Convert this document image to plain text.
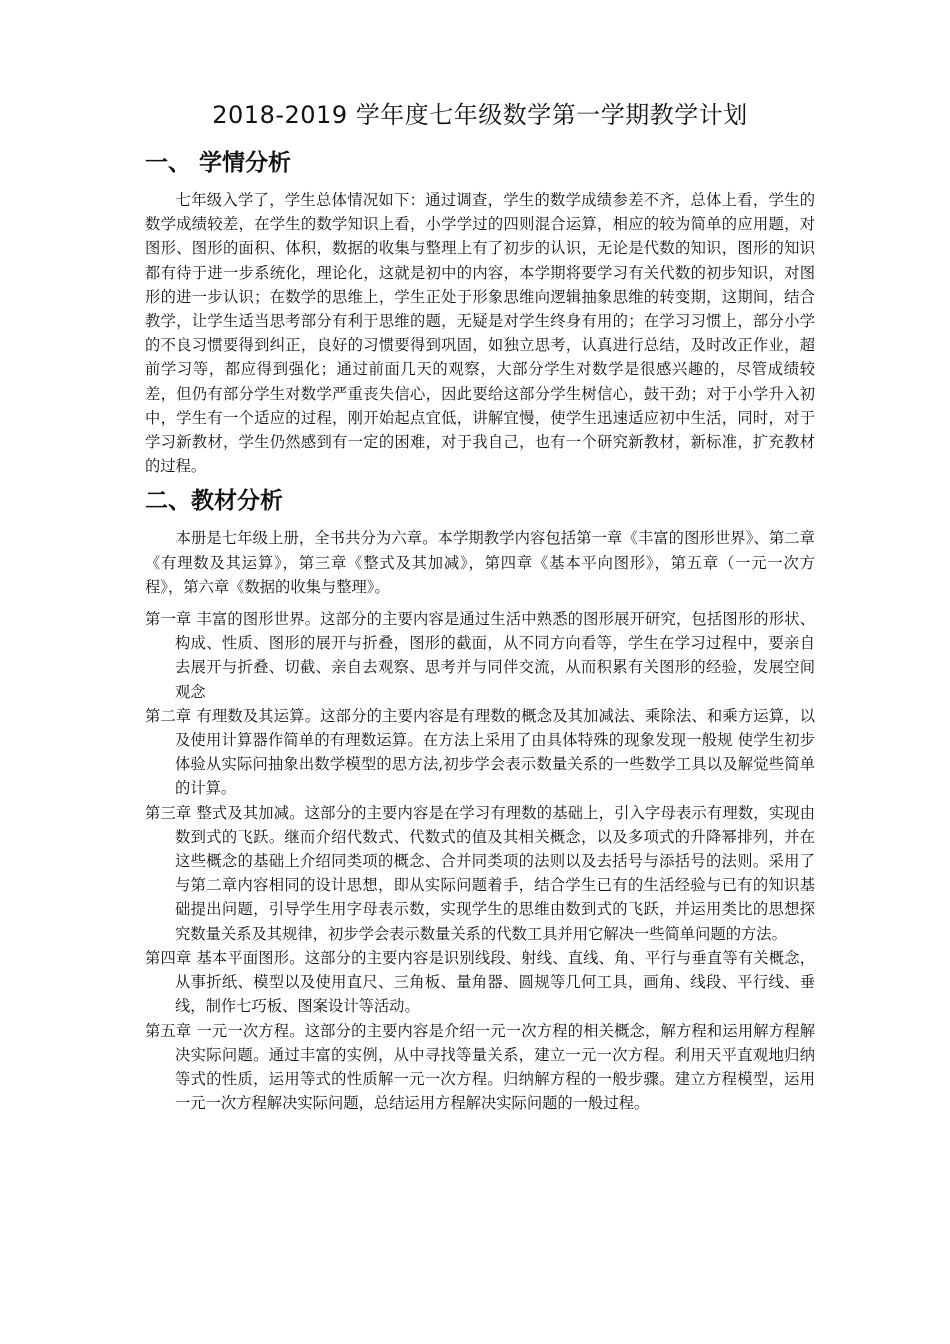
2018-2019 学年度七年级数学第一学期教学计划
一、 学情分析

七年级入学了，学生总体情况如下：通过调查，学生的数学成绩参差不齐，总体上看，学生的数学成绩较差，在学生的数学知识上看，小学学过的四则混合运算，相应的较为简单的应用题，对图形、图形的面积、体积，数据的收集与整理上有了初步的认识，无论是代数的知识，图形的知识都有待于进一步系统化，理论化，这就是初中的内容，本学期将要学习有关代数的初步知识，对图形的进一步认识；在数学的思维上，学生正处于形象思维向逻辑抽象思维的转变期，这期间，结合教学，让学生适当思考部分有利于思维的题，无疑是对学生终身有用的；在学习习惯上，部分小学的不良习惯要得到纠正，良好的习惯要得到巩固，如独立思考，认真进行总结，及时改正作业，超前学习等，都应得到强化；通过前面几天的观察，大部分学生对数学是很感兴趣的，尽管成绩较差，但仍有部分学生对数学严重丧失信心，因此要给这部分学生树信心，鼓干劲；对于小学升入初中，学生有一个适应的过程，刚开始起点宜低，讲解宜慢，使学生迅速适应初中生活，同时，对于学习新教材，学生仍然感到有一定的困难，对于我自己，也有一个研究新教材，新标准，扩充教材的过程。

二、教材分析

本册是七年级上册，全书共分为六章。本学期教学内容包括第一章《丰富的图形世界》、第二章《有理数及其运算》，第三章《整式及其加减》，第四章《基本平向图形》，第五章（一元一次方程》，第六章《数据的收集与整理》。

第一章 丰富的图形世界。这部分的主要内容是通过生活中熟悉的图形展开研究，包括图形的形状、构成、性质、图形的展开与折叠，图形的截面，从不同方向看等，学生在学习过程中，要亲自去展开与折叠、切截、亲自去观察、思考并与同伴交流，从而积累有关图形的经验，发展空间观念
第二章 有理数及其运算。这部分的主要内容是有理数的概念及其加减法、乘除法、和乘方运算，以及使用计算器作简单的有理数运算。在方法上采用了由具体特殊的现象发现一般规 使学生初步体验从实际问抽象出数学模型的思方法,初步学会表示数量关系的一些数学工具以及解觉些简单的计算。
第三章 整式及其加减。这部分的主要内容是在学习有理数的基础上，引入字母表示有理数，实现由数到式的飞跃。继而介绍代数式、代数式的值及其相关概念，以及多项式的升降幂排列，并在这些概念的基础上介绍同类项的概念、合并同类项的法则以及去括号与添括号的法则。采用了与第二章内容相同的设计思想，即从实际问题着手，结合学生已有的生活经验与已有的知识基础提出问题，引导学生用字母表示数，实现学生的思维由数到式的飞跃，并运用类比的思想探究数量关系及其规律，初步学会表示数量关系的代数工具并用它解决一些简单问题的方法。
第四章 基本平面图形。这部分的主要内容是识别线段、射线、直线、角、平行与垂直等有关概念，从事折纸、模型以及使用直尺、三角板、量角器、圆规等几何工具，画角、线段、平行线、垂线，制作七巧板、图案设计等活动。
第五章 一元一次方程。这部分的主要内容是介绍一元一次方程的相关概念，解方程和运用解方程解决实际问题。通过丰富的实例，从中寻找等量关系，建立一元一次方程。利用天平直观地归纳等式的性质，运用等式的性质解一元一次方程。归纳解方程的一般步骤。建立方程模型，运用一元一次方程解决实际问题，总结运用方程解决实际问题的一般过程。
